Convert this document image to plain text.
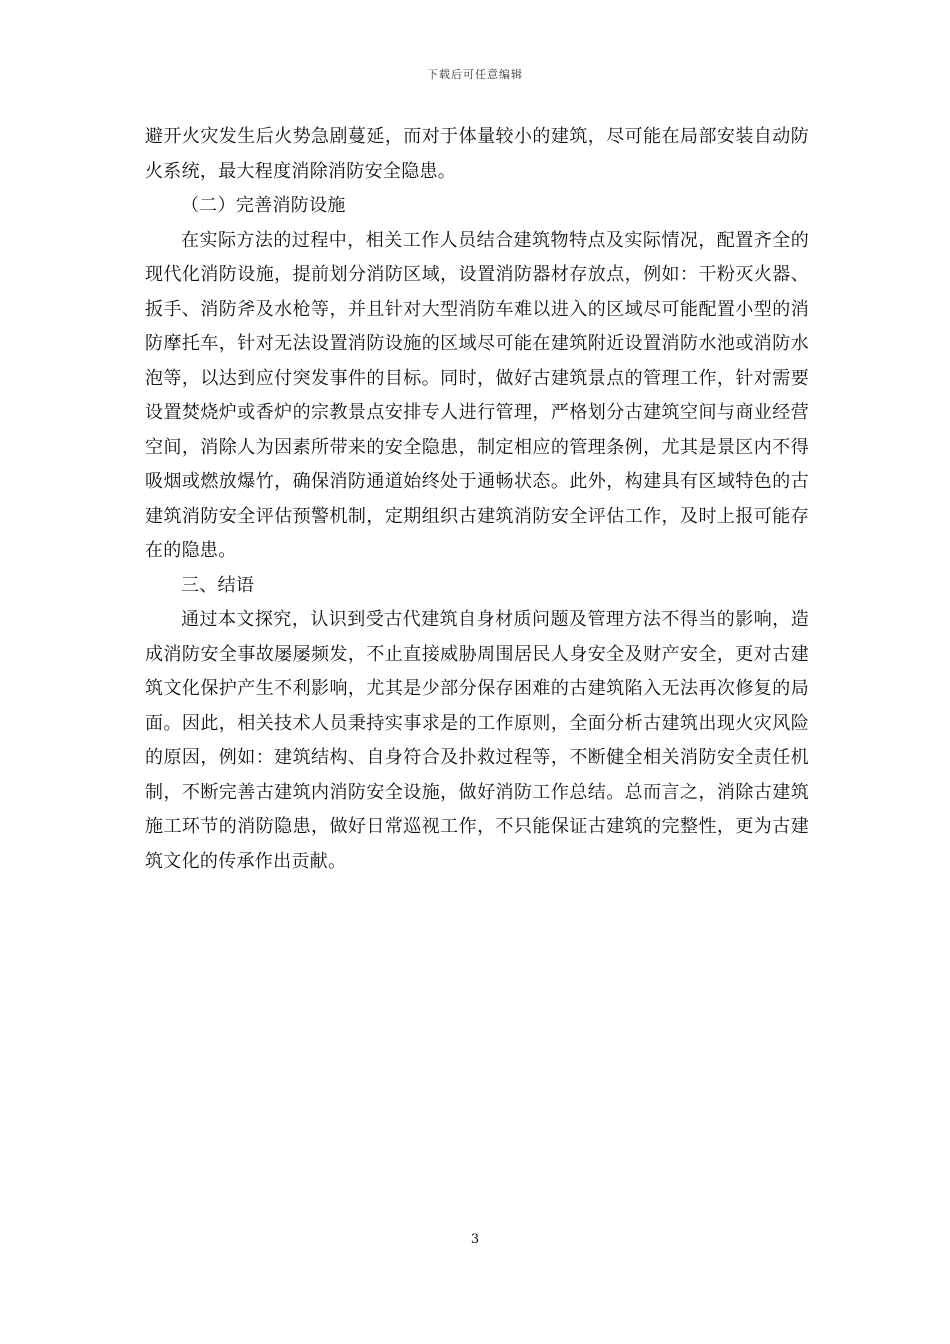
下载后可任意编辑

避开火灾发生后火势急剧蔓延，而对于体量较小的建筑，尽可能在局部安装自动防火系统，最大程度消除消防安全隐患。

（二）完善消防设施

在实际方法的过程中，相关工作人员结合建筑物特点及实际情况，配置齐全的现代化消防设施，提前划分消防区域，设置消防器材存放点，例如：干粉灭火器、扳手、消防斧及水枪等，并且针对大型消防车难以进入的区域尽可能配置小型的消防摩托车，针对无法设置消防设施的区域尽可能在建筑附近设置消防水池或消防水泡等，以达到应付突发事件的目标。同时，做好古建筑景点的管理工作，针对需要设置焚烧炉或香炉的宗教景点安排专人进行管理，严格划分古建筑空间与商业经营空间，消除人为因素所带来的安全隐患，制定相应的管理条例，尤其是景区内不得吸烟或燃放爆竹，确保消防通道始终处于通畅状态。此外，构建具有区域特色的古建筑消防安全评估预警机制，定期组织古建筑消防安全评估工作，及时上报可能存在的隐患。

三、结语

通过本文探究，认识到受古代建筑自身材质问题及管理方法不得当的影响，造成消防安全事故屡屡频发，不止直接威胁周围居民人身安全及财产安全，更对古建筑文化保护产生不利影响，尤其是少部分保存困难的古建筑陷入无法再次修复的局面。因此，相关技术人员秉持实事求是的工作原则，全面分析古建筑出现火灾风险的原因，例如：建筑结构、自身符合及扑救过程等，不断健全相关消防安全责任机制，不断完善古建筑内消防安全设施，做好消防工作总结。总而言之，消除古建筑施工环节的消防隐患，做好日常巡视工作，不只能保证古建筑的完整性，更为古建筑文化的传承作出贡献。

3
